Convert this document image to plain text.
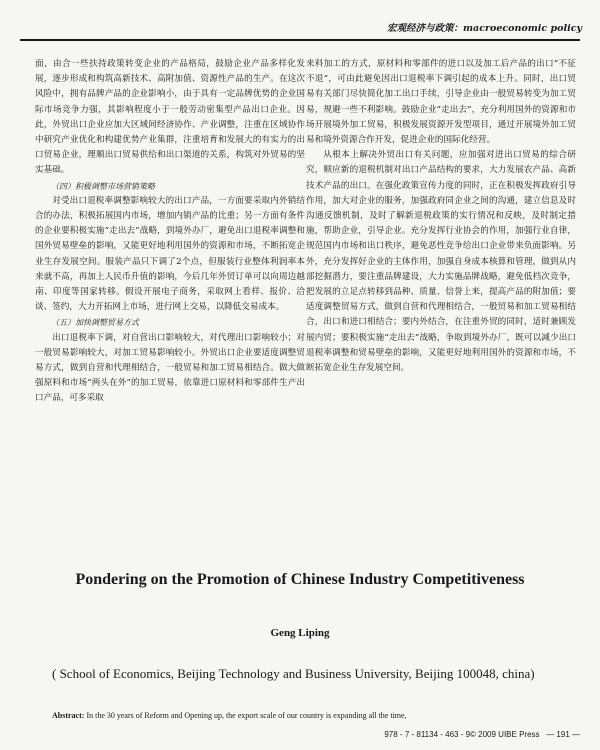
宏观经济与政策：macroeconomic policy

面，由合一些扶持政策转变企业的产品格局，鼓励企业产品多样化发展，逐步形成和构筑高新技术、高附加值、资源性产品的生产。在这次风险中，拥有品牌产品的企业影响小，由于具有一定品牌优势的企业国际市场竞争力强，其影响程度小于一般劳动密集型产品出口企业。因此，外贸出口企业应加大区域间经济协作、产业调整，注重在区域协作中研究产业优化和构建优势产业集群，注重培育和发展大的有实力的出口贸易企业，理顺出口贸易供给和出口渠道的关系，构筑对外贸易的坚实基础。

（四）积极调整市场营销策略

对受出口退税率调整影响较大的出口产品，一方面要采取内外销结合的办法，积极拓展国内市场，增加内销产品的比重；另一方面有条件的企业要积极实施“走出去”战略，到境外办厂，避免出口退税率调整和国外贸易壁垒的影响，又能更好地利用国外的资源和市场，不断拓宽企业生存发展空间。服装产品只下调了2个点，但服装行业整体利润率本来就不高，再加上人民币升值的影响，今后几年外贸订单可以向周边越南、印度等国家转移。假设开展电子商务，采取网上看样、报价、洽谈、签约，大力开拓网上市场，进行网上交易，以降低交易成本。

（五）加快调整贸易方式

出口退税率下调，对自营出口影响较大，对代理出口影响较小；对一般贸易影响较大，对加工贸易影响较小。外贸出口企业要适度调整贸易方式，做到自营和代理相结合，一般贸易和加工贸易相结合。做大做强原料和市场“两头在外”的加工贸易，依靠进口原材料和零部件生产出口产品，可多采取

来料加工的方式，原材料和零部件的进口以及加工后产品的出口“不征不退”，可由此避免因出口退税率下调引起的成本上升。同时，出口贸易有关部门尽快简化加工出口手续，引导企业由一般贸易转变为加工贸易，规避一些不利影响。鼓励企业“走出去”，充分利用国外的资源和市场开展境外加工贸易，积极发展资源开发型项目，通过开展境外加工贸易和境外资源合作开发，促进企业的国际化经营。

从根本上解决外贸出口有关问题，应加强对进出口贸易的综合研究，顺应新的退税机制对出口产品结构的要求，大力发展农产品、高新技术产品的出口。在强化政策宣传力度的同时，正在积极发挥政府引导作用，加大对企业的服务，加强政府同企业之间的沟通，建立信息及时沟通反馈机制，及时了解新退税政策的实行情况和反映，及时制定措施，帮助企业，引导企业。充分发挥行业协会的作用，加强行业自律，规范国内市场和出口秩序，避免恶性竞争给出口企业带来负面影响。另外，充分发挥好企业的主体作用，加强自身成本核算和管理，做到从内部挖掘潜力，要注重品牌建设，大力实施品牌战略，避免低档次竞争，把发展的立足点转移到品种、质量、信誉上来，提高产品的附加值；要适度调整贸易方式，做到自营和代理相结合，一般贸易和加工贸易相结合，出口和进口相结合；要内外结合，在注重外贸的同时，适时兼顾发展内贸；要积极实施“走出去”战略，争取到境外办厂，既可以减少出口退税率调整和贸易壁垒的影响，又能更好地利用国外的资源和市场，不断拓宽企业生存发展空间。

Pondering on the Promotion of Chinese Industry Competitiveness
Geng Liping
( School of Economics, Beijing Technology and Business University, Beijing 100048, china)
Abstract: In the 30 years of Reform and Opening up, the export scale of our country is expanding all the time,
978 - 7 - 81134 - 463 - 9© 2009 UIBE Press — 191 —
